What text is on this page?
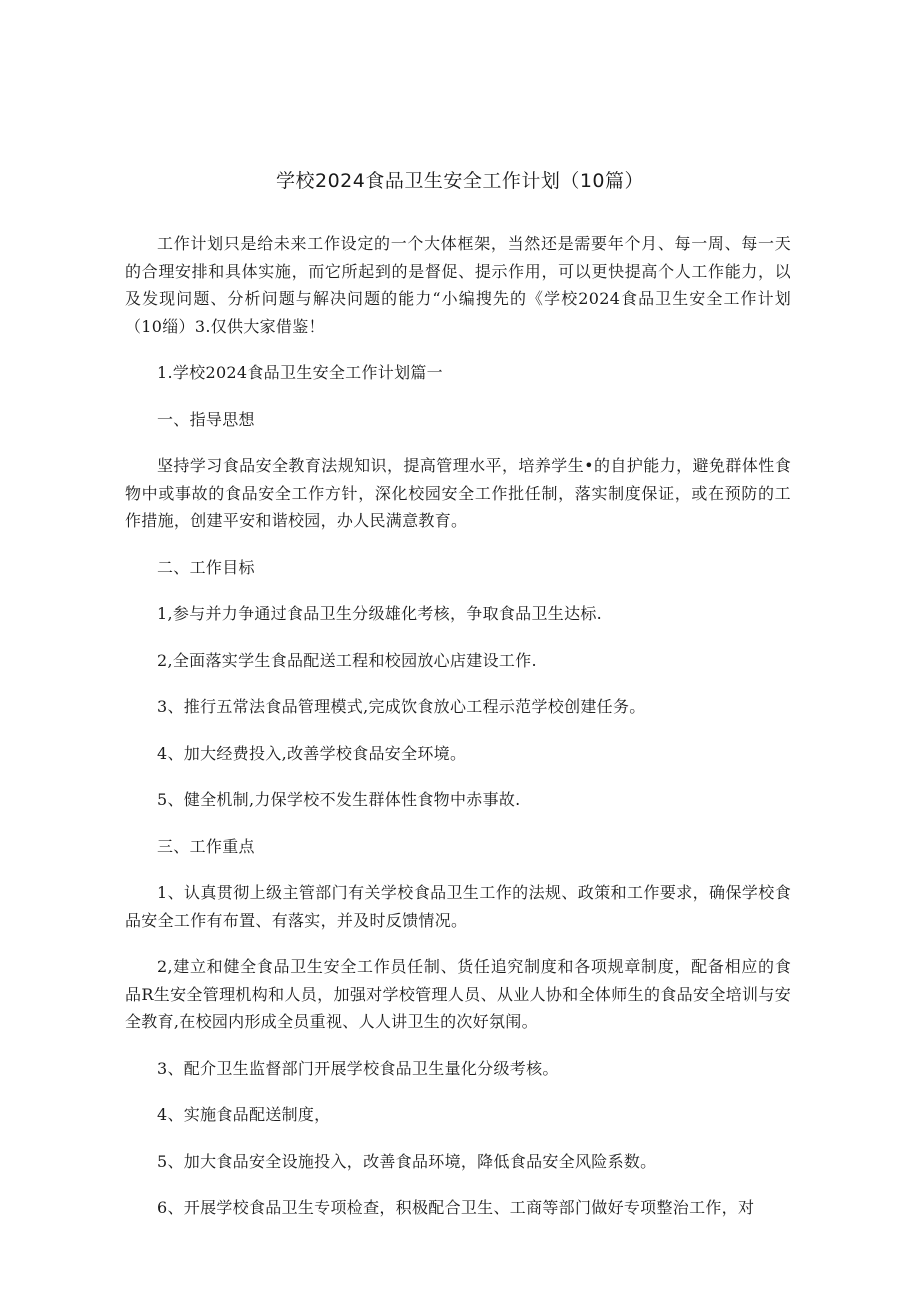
学校2024食品卫生安全工作计划（10篇）

工作计划只是给未来工作设定的一个大体框架，当然还是需要年个月、每一周、每一天的合理安排和具体实施，而它所起到的是督促、提示作用，可以更快提高个人工作能力，以及发现问题、分析问题与解决问题的能力“小编搜先的《学校2024食品卫生安全工作计划（10缁）3.仅供大家借鉴！

1.学校2024食品卫生安全工作计划篇一

一、指导思想

坚持学习食品安全教育法规知识，提高管理水平，培养学生•的自护能力，避免群体性食物中或事故的食品安全工作方针，深化校园安全工作批任制，落实制度保证，或在预防的工作措施，创建平安和谐校园，办人民满意教育。

二、工作目标

1,参与并力争通过食品卫生分级雄化考核，争取食品卫生达标.

2,全面落实学生食品配送工程和校园放心店建设工作.

3、推行五常法食品管理模式,完成饮食放心工程示范学校创建任务。

4、加大经费投入,改善学校食品安全环境。

5、健全机制,力保学校不发生群体性食物中赤事故.

三、工作重点

1、认真贯彻上级主管部门有关学校食品卫生工作的法规、政策和工作要求，确保学校食品安全工作有布置、有落实，并及时反馈情况。

2,建立和健全食品卫生安全工作员任制、货任追究制度和各项规章制度，配备相应的食品R生安全管理机构和人员，加强对学校管理人员、从业人协和全体师生的食品安全培训与安全教育,在校园内形成全员重视、人人讲卫生的次好氛闱。

3、配介卫生监督部门开展学校食品卫生量化分级考核。

4、实施食品配送制度，

5、加大食品安全设施投入，改善食品环境，降低食品安全风险系数。

6、开展学校食品卫生专项检查，积极配合卫生、工商等部门做好专项整治工作，对
